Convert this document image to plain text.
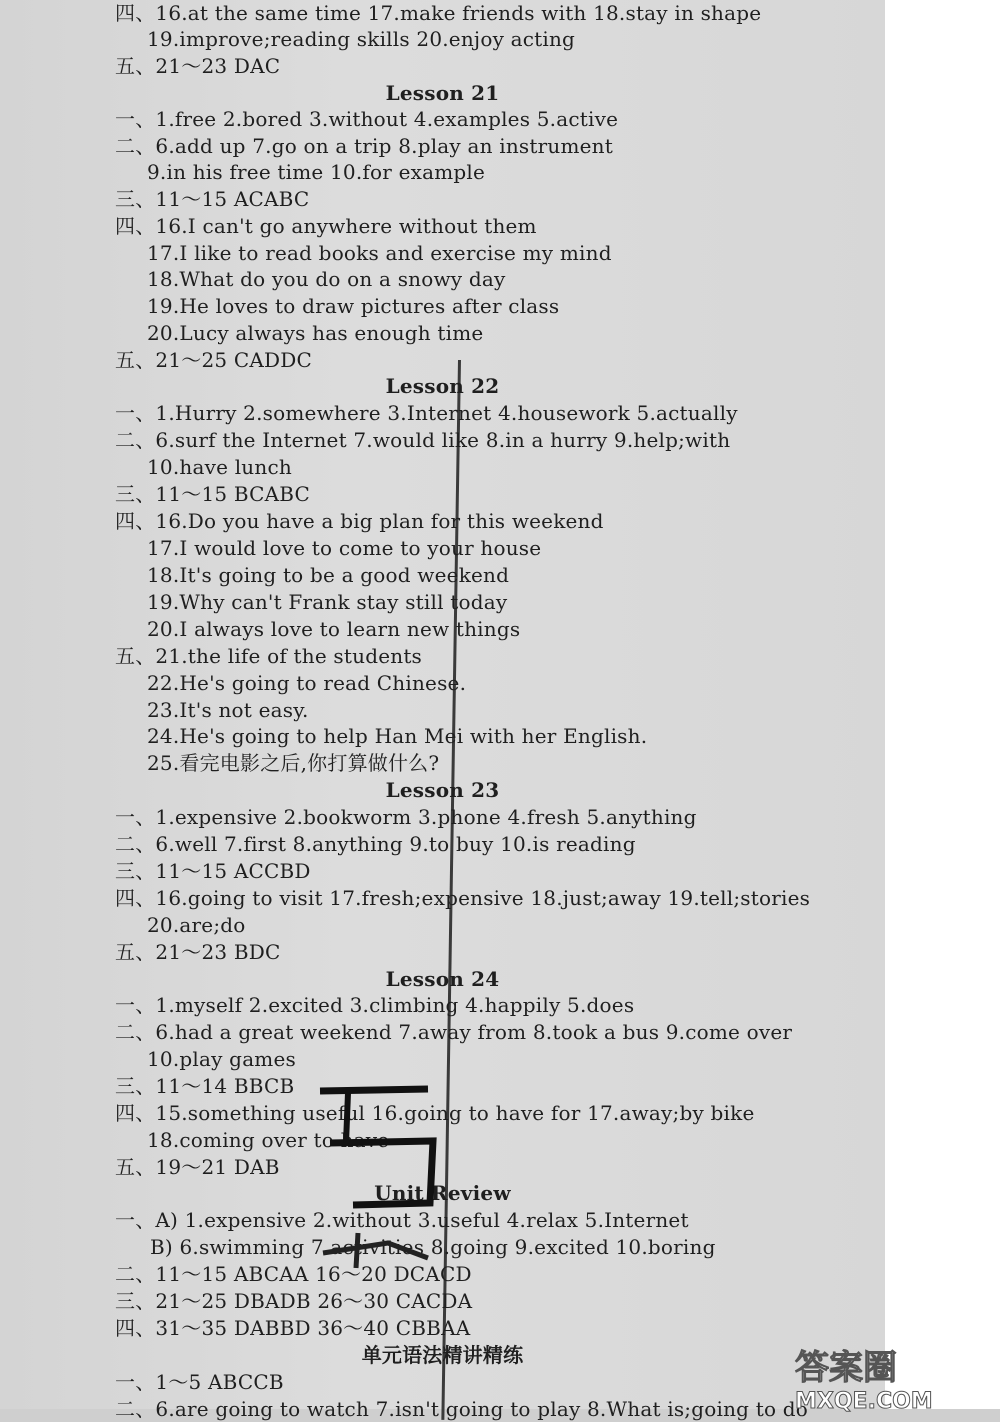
四、16.at the same time 17.make friends with 18.stay in shape
19.improve;reading skills 20.enjoy acting
五、21～23 DAC
Lesson 21
一、1.free 2.bored 3.without 4.examples 5.active
二、6.add up 7.go on a trip 8.play an instrument
9.in his free time 10.for example
三、11～15 ACABC
四、16.I can't go anywhere without them
17.I like to read books and exercise my mind
18.What do you do on a snowy day
19.He loves to draw pictures after class
20.Lucy always has enough time
五、21～25 CADDC
Lesson 22
一、1.Hurry 2.somewhere 3.Internet 4.housework 5.actually
二、6.surf the Internet 7.would like 8.in a hurry 9.help;with
10.have lunch
三、11～15 BCABC
四、16.Do you have a big plan for this weekend
17.I would love to come to your house
18.It's going to be a good weekend
19.Why can't Frank stay still today
20.I always love to learn new things
五、21.the life of the students
22.He's going to read Chinese.
23.It's not easy.
24.He's going to help Han Mei with her English.
25.看完电影之后,你打算做什么?
Lesson 23
一、1.expensive 2.bookworm 3.phone 4.fresh 5.anything
二、6.well 7.first 8.anything 9.to buy 10.is reading
三、11～15 ACCBD
四、16.going to visit 17.fresh;expensive 18.just;away 19.tell;stories
20.are;do
五、21～23 BDC
Lesson 24
一、1.myself 2.excited 3.climbing 4.happily 5.does
二、6.had a great weekend 7.away from 8.took a bus 9.come over
10.play games
三、11～14 BBCB
四、15.something useful 16.going to have for 17.away;by bike
18.coming over to have
五、19～21 DAB
Unit Review
一、A) 1.expensive 2.without 3.useful 4.relax 5.Internet
B) 6.swimming 7.activities 8.going 9.excited 10.boring
二、11～15 ABCAA 16～20 DCACD
三、21～25 DBADB 26～30 CACDA
四、31～35 DABBD 36～40 CBBAA
单元语法精讲精练
一、1～5 ABCCB
二、6.are going to watch 7.isn't going to play 8.What is;going to do
答案圈
MXQE.COM
